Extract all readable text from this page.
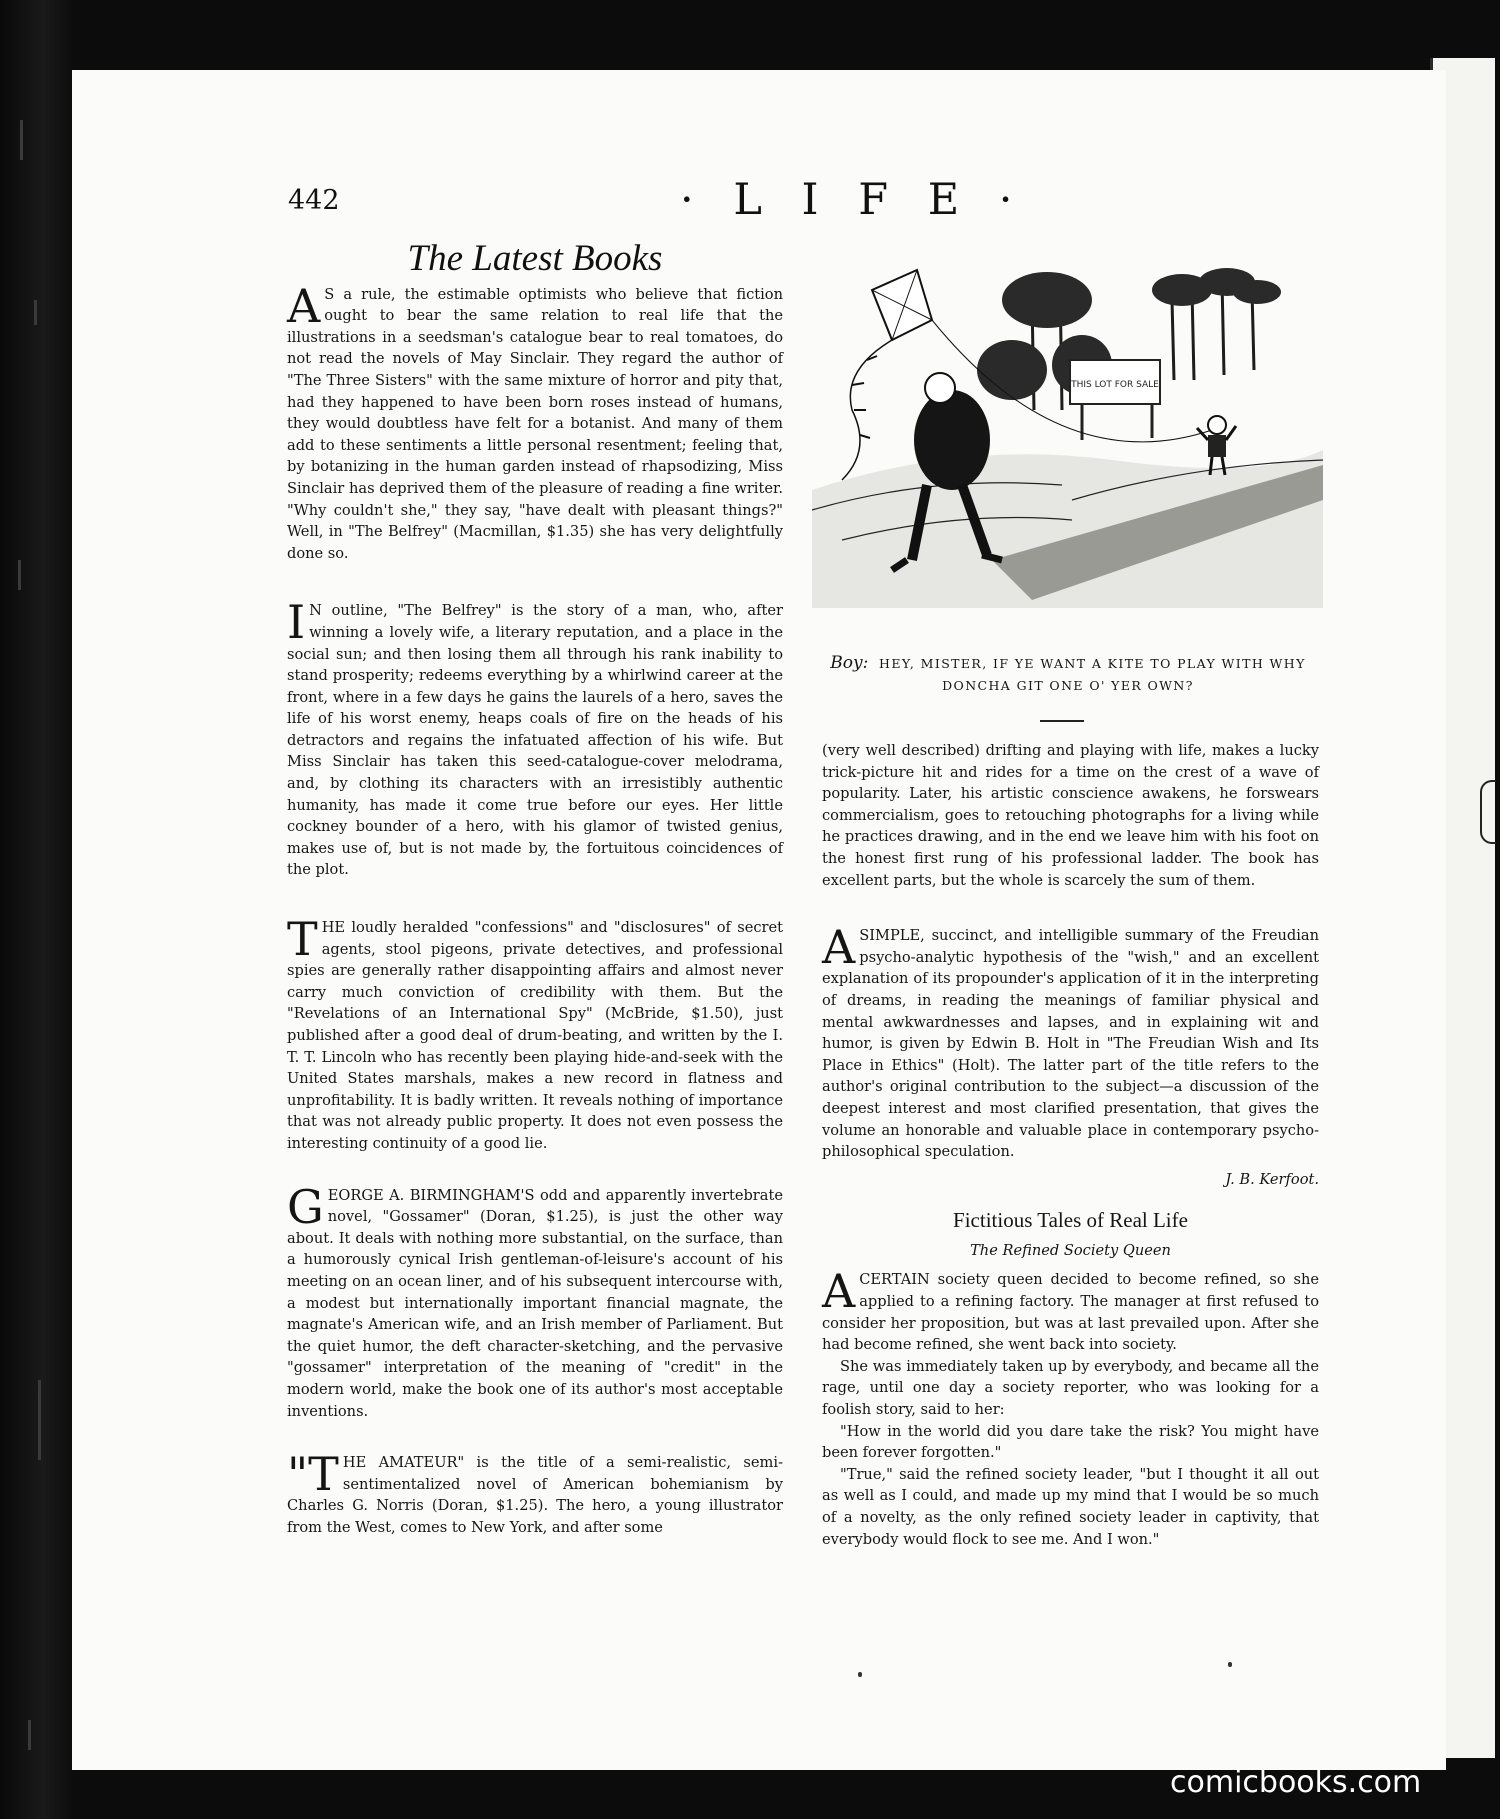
442	· L I F E ·
The Latest Books

A S a rule, the estimable optimists who believe that fiction ought to bear the same relation to real life that the illustrations in a seedsman's catalogue bear to real tomatoes, do not read the novels of May Sinclair. They regard the author of "The Three Sisters" with the same mixture of horror and pity that, had they happened to have been born roses instead of humans, they would doubtless have felt for a botanist. And many of them add to these sentiments a little personal resentment; feeling that, by botanizing in the human garden instead of rhapsodizing, Miss Sinclair has deprived them of the pleasure of reading a fine writer. "Why couldn't she," they say, "have dealt with pleasant things?" Well, in "The Belfrey" (Macmillan, $1.35) she has very delightfully done so.

I N outline, "The Belfrey" is the story of a man, who, after winning a lovely wife, a literary reputation, and a place in the social sun; and then losing them all through his rank inability to stand prosperity; redeems everything by a whirlwind career at the front, where in a few days he gains the laurels of a hero, saves the life of his worst enemy, heaps coals of fire on the heads of his detractors and regains the infatuated affection of his wife. But Miss Sinclair has taken this seed-catalogue-cover melodrama, and, by clothing its characters with an irresistibly authentic humanity, has made it come true before our eyes. Her little cockney bounder of a hero, with his glamor of twisted genius, makes use of, but is not made by, the fortuitous coincidences of the plot.

THE loudly heralded "confessions" and "disclosures" of secret agents, stool pigeons, private detectives, and professional spies are generally rather disappointing affairs and almost never carry much conviction of credibility with them. But the "Revelations of an International Spy" (McBride, $1.50), just published after a good deal of drum-beating, and written by the I. T. T. Lincoln who has recently been playing hide-and-seek with the United States marshals, makes a new record in flatness and unprofitability. It is badly written. It reveals nothing of importance that was not already public property. It does not even possess the interesting continuity of a good lie.

GEORGE A. BIRMINGHAM'S odd and apparently invertebrate novel, "Gossamer" (Doran, $1.25), is just the other way about. It deals with nothing more substantial, on the surface, than a humorously cynical Irish gentleman-of-leisure's account of his meeting on an ocean liner, and of his subsequent intercourse with, a modest but internationally important financial magnate, the magnate's American wife, and an Irish member of Parliament. But the quiet humor, the deft character-sketching, and the pervasive "gossamer" interpretation of the meaning of "credit" in the modern world, make the book one of its author's most acceptable inventions.

"THE AMATEUR" is the title of a semi-realistic, semi-sentimentalized novel of American bohemianism by Charles G. Norris (Doran, $1.25). The hero, a young illustrator from the West, comes to New York, and after some

THIS LOT FOR SALE
Boy: HEY, MISTER, IF YE WANT A KITE TO PLAY WITH WHY DONCHA GIT ONE O' YER OWN?

(very well described) drifting and playing with life, makes a lucky trick-picture hit and rides for a time on the crest of a wave of popularity. Later, his artistic conscience awakens, he forswears commercialism, goes to retouching photographs for a living while he practices drawing, and in the end we leave him with his foot on the honest first rung of his professional ladder. The book has excellent parts, but the whole is scarcely the sum of them.

A SIMPLE, succinct, and intelligible summary of the Freudian psycho-analytic hypothesis of the "wish," and an excellent explanation of its propounder's application of it in the interpreting of dreams, in reading the meanings of familiar physical and mental awkwardnesses and lapses, and in explaining wit and humor, is given by Edwin B. Holt in "The Freudian Wish and Its Place in Ethics" (Holt). The latter part of the title refers to the author's original contribution to the subject—a discussion of the deepest interest and most clarified presentation, that gives the volume an honorable and valuable place in contemporary psycho-philosophical speculation.

J. B. Kerfoot.
Fictitious Tales of Real Life
The Refined Society Queen

A CERTAIN society queen decided to become refined, so she applied to a refining factory. The manager at first refused to consider her proposition, but was at last prevailed upon. After she had become refined, she went back into society.

She was immediately taken up by everybody, and became all the rage, until one day a society reporter, who was looking for a foolish story, said to her:

"How in the world did you dare take the risk? You might have been forever forgotten."

"True," said the refined society leader, "but I thought it all out as well as I could, and made up my mind that I would be so much of a novelty, as the only refined society leader in captivity, that everybody would flock to see me. And I won."

comicbooks.com
